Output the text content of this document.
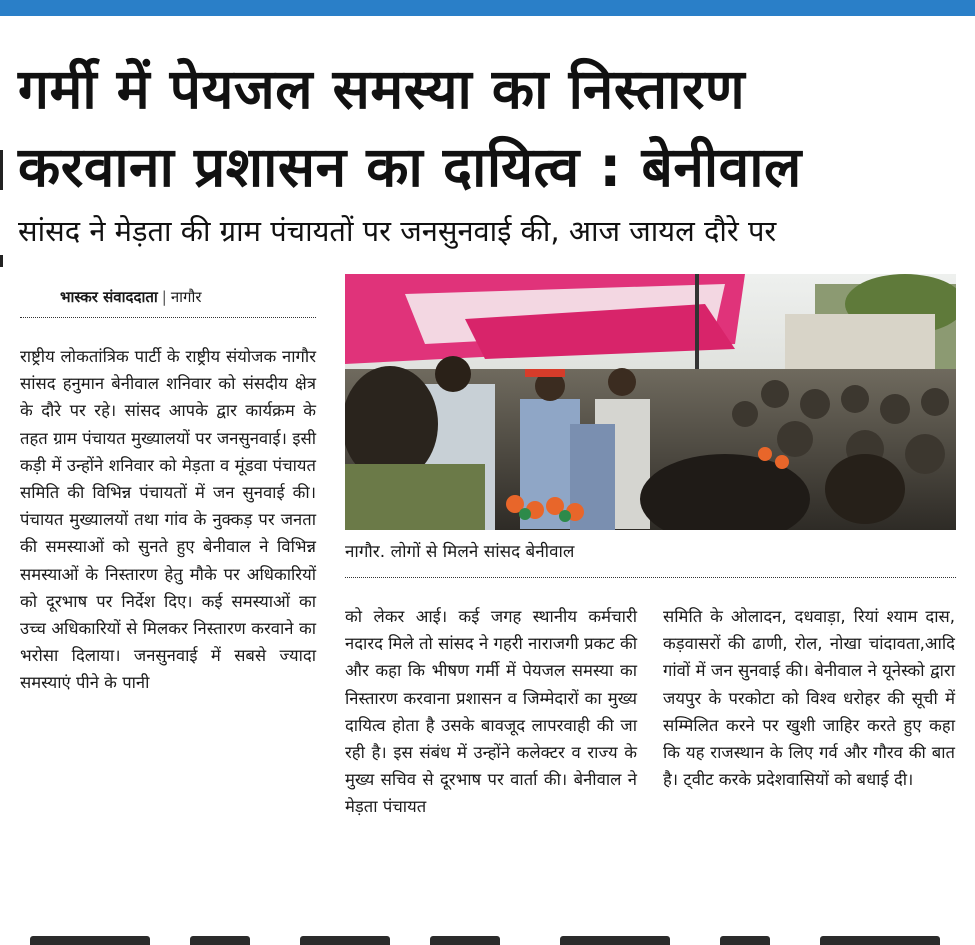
गर्मी में पेयजल समस्या का निस्तारण
करवाना प्रशासन का दायित्व : बेनीवाल
सांसद ने मेड़ता की ग्राम पंचायतों पर जनसुनवाई की, आज जायल दौरे पर
भास्कर संवाददाता | नागौर

राष्ट्रीय लोकतांत्रिक पार्टी के राष्ट्रीय संयोजक नागौर सांसद हनुमान बेनीवाल शनिवार को संसदीय क्षेत्र के दौरे पर रहे। सांसद आपके द्वार कार्यक्रम के तहत ग्राम पंचायत मुख्यालयों पर जनसुनवाई। इसी कड़ी में उन्होंने शनिवार को मेड़ता व मूंडवा पंचायत समिति की विभिन्न पंचायतों में जन सुनवाई की। पंचायत मुख्यालयों तथा गांव के नुक्कड़ पर जनता की समस्याओं को सुनते हुए बेनीवाल ने विभिन्न समस्याओं के निस्तारण हेतु मौके पर अधिकारियों को दूरभाष पर निर्देश दिए। कई समस्याओं का उच्च अधिकारियों से मिलकर निस्तारण करवाने का भरोसा दिलाया। जनसुनवाई में सबसे ज्यादा समस्याएं पीने के पानी

नागौर. लोगों से मिलने सांसद बेनीवाल

को लेकर आई। कई जगह स्थानीय कर्मचारी नदारद मिले तो सांसद ने गहरी नाराजगी प्रकट की और कहा कि भीषण गर्मी में पेयजल समस्या का निस्तारण करवाना प्रशासन व जिम्मेदारों का मुख्य दायित्व होता है उसके बावजूद लापरवाही की जा रही है। इस संबंध में उन्होंने कलेक्टर व राज्य के मुख्य सचिव से दूरभाष पर वार्ता की। बेनीवाल ने मेड़ता पंचायत

समिति के ओलादन, दधवाड़ा, रियां श्याम दास, कड़वासरों की ढाणी, रोल, नोखा चांदावता,आदि गांवों में जन सुनवाई की। बेनीवाल ने यूनेस्को द्वारा जयपुर के परकोटा को विश्व धरोहर की सूची में सम्मिलित करने पर खुशी जाहिर करते हुए कहा कि यह राजस्थान के लिए गर्व और गौरव की बात है। ट्वीट करके प्रदेशवासियों को बधाई दी।
